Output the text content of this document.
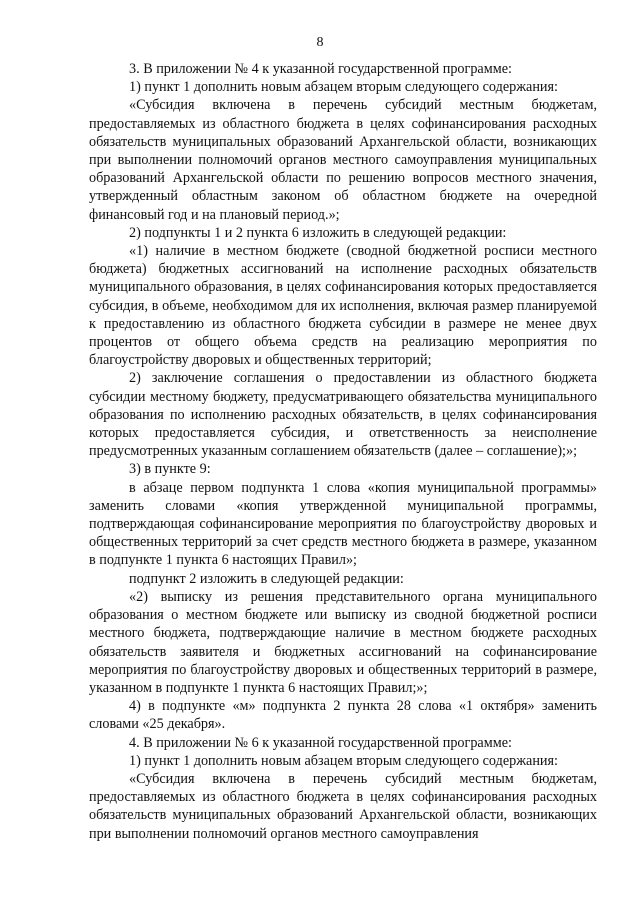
8

3. В приложении № 4 к указанной государственной программе:

1) пункт 1 дополнить новым абзацем вторым следующего содержания:

«Субсидия включена в перечень субсидий местным бюджетам, предоставляемых из областного бюджета в целях софинансирования расходных обязательств муниципальных образований Архангельской области, возникающих при выполнении полномочий органов местного самоуправления муниципальных образований Архангельской области по решению вопросов местного значения, утвержденный областным законом об областном бюджете на очередной финансовый год и на плановый период.»;

2) подпункты 1 и 2 пункта 6 изложить в следующей редакции:

«1) наличие в местном бюджете (сводной бюджетной росписи местного бюджета) бюджетных ассигнований на исполнение расходных обязательств муниципального образования, в целях софинансирования которых предоставляется субсидия, в объеме, необходимом для их исполнения, включая размер планируемой к предоставлению из областного бюджета субсидии в размере не менее двух процентов от общего объема средств на реализацию мероприятия по благоустройству дворовых и общественных территорий;

2) заключение соглашения о предоставлении из областного бюджета субсидии местному бюджету, предусматривающего обязательства муниципального образования по исполнению расходных обязательств, в целях софинансирования которых предоставляется субсидия, и ответственность за неисполнение предусмотренных указанным соглашением обязательств (далее – соглашение);»;

3) в пункте 9:

в абзаце первом подпункта 1 слова «копия муниципальной программы» заменить словами «копия утвержденной муниципальной программы, подтверждающая софинансирование мероприятия по благоустройству дворовых и общественных территорий за счет средств местного бюджета в размере, указанном в подпункте 1 пункта 6 настоящих Правил»;

подпункт 2 изложить в следующей редакции:

«2) выписку из решения представительного органа муниципального образования о местном бюджете или выписку из сводной бюджетной росписи местного бюджета, подтверждающие наличие в местном бюджете расходных обязательств заявителя и бюджетных ассигнований на софинансирование мероприятия по благоустройству дворовых и общественных территорий в размере, указанном в подпункте 1 пункта 6 настоящих Правил;»;

4) в подпункте «м» подпункта 2 пункта 28 слова «1 октября» заменить словами «25 декабря».

4. В приложении № 6 к указанной государственной программе:

1) пункт 1 дополнить новым абзацем вторым следующего содержания:

«Субсидия включена в перечень субсидий местным бюджетам, предоставляемых из областного бюджета в целях софинансирования расходных обязательств муниципальных образований Архангельской области, возникающих при выполнении полномочий органов местного самоуправления
